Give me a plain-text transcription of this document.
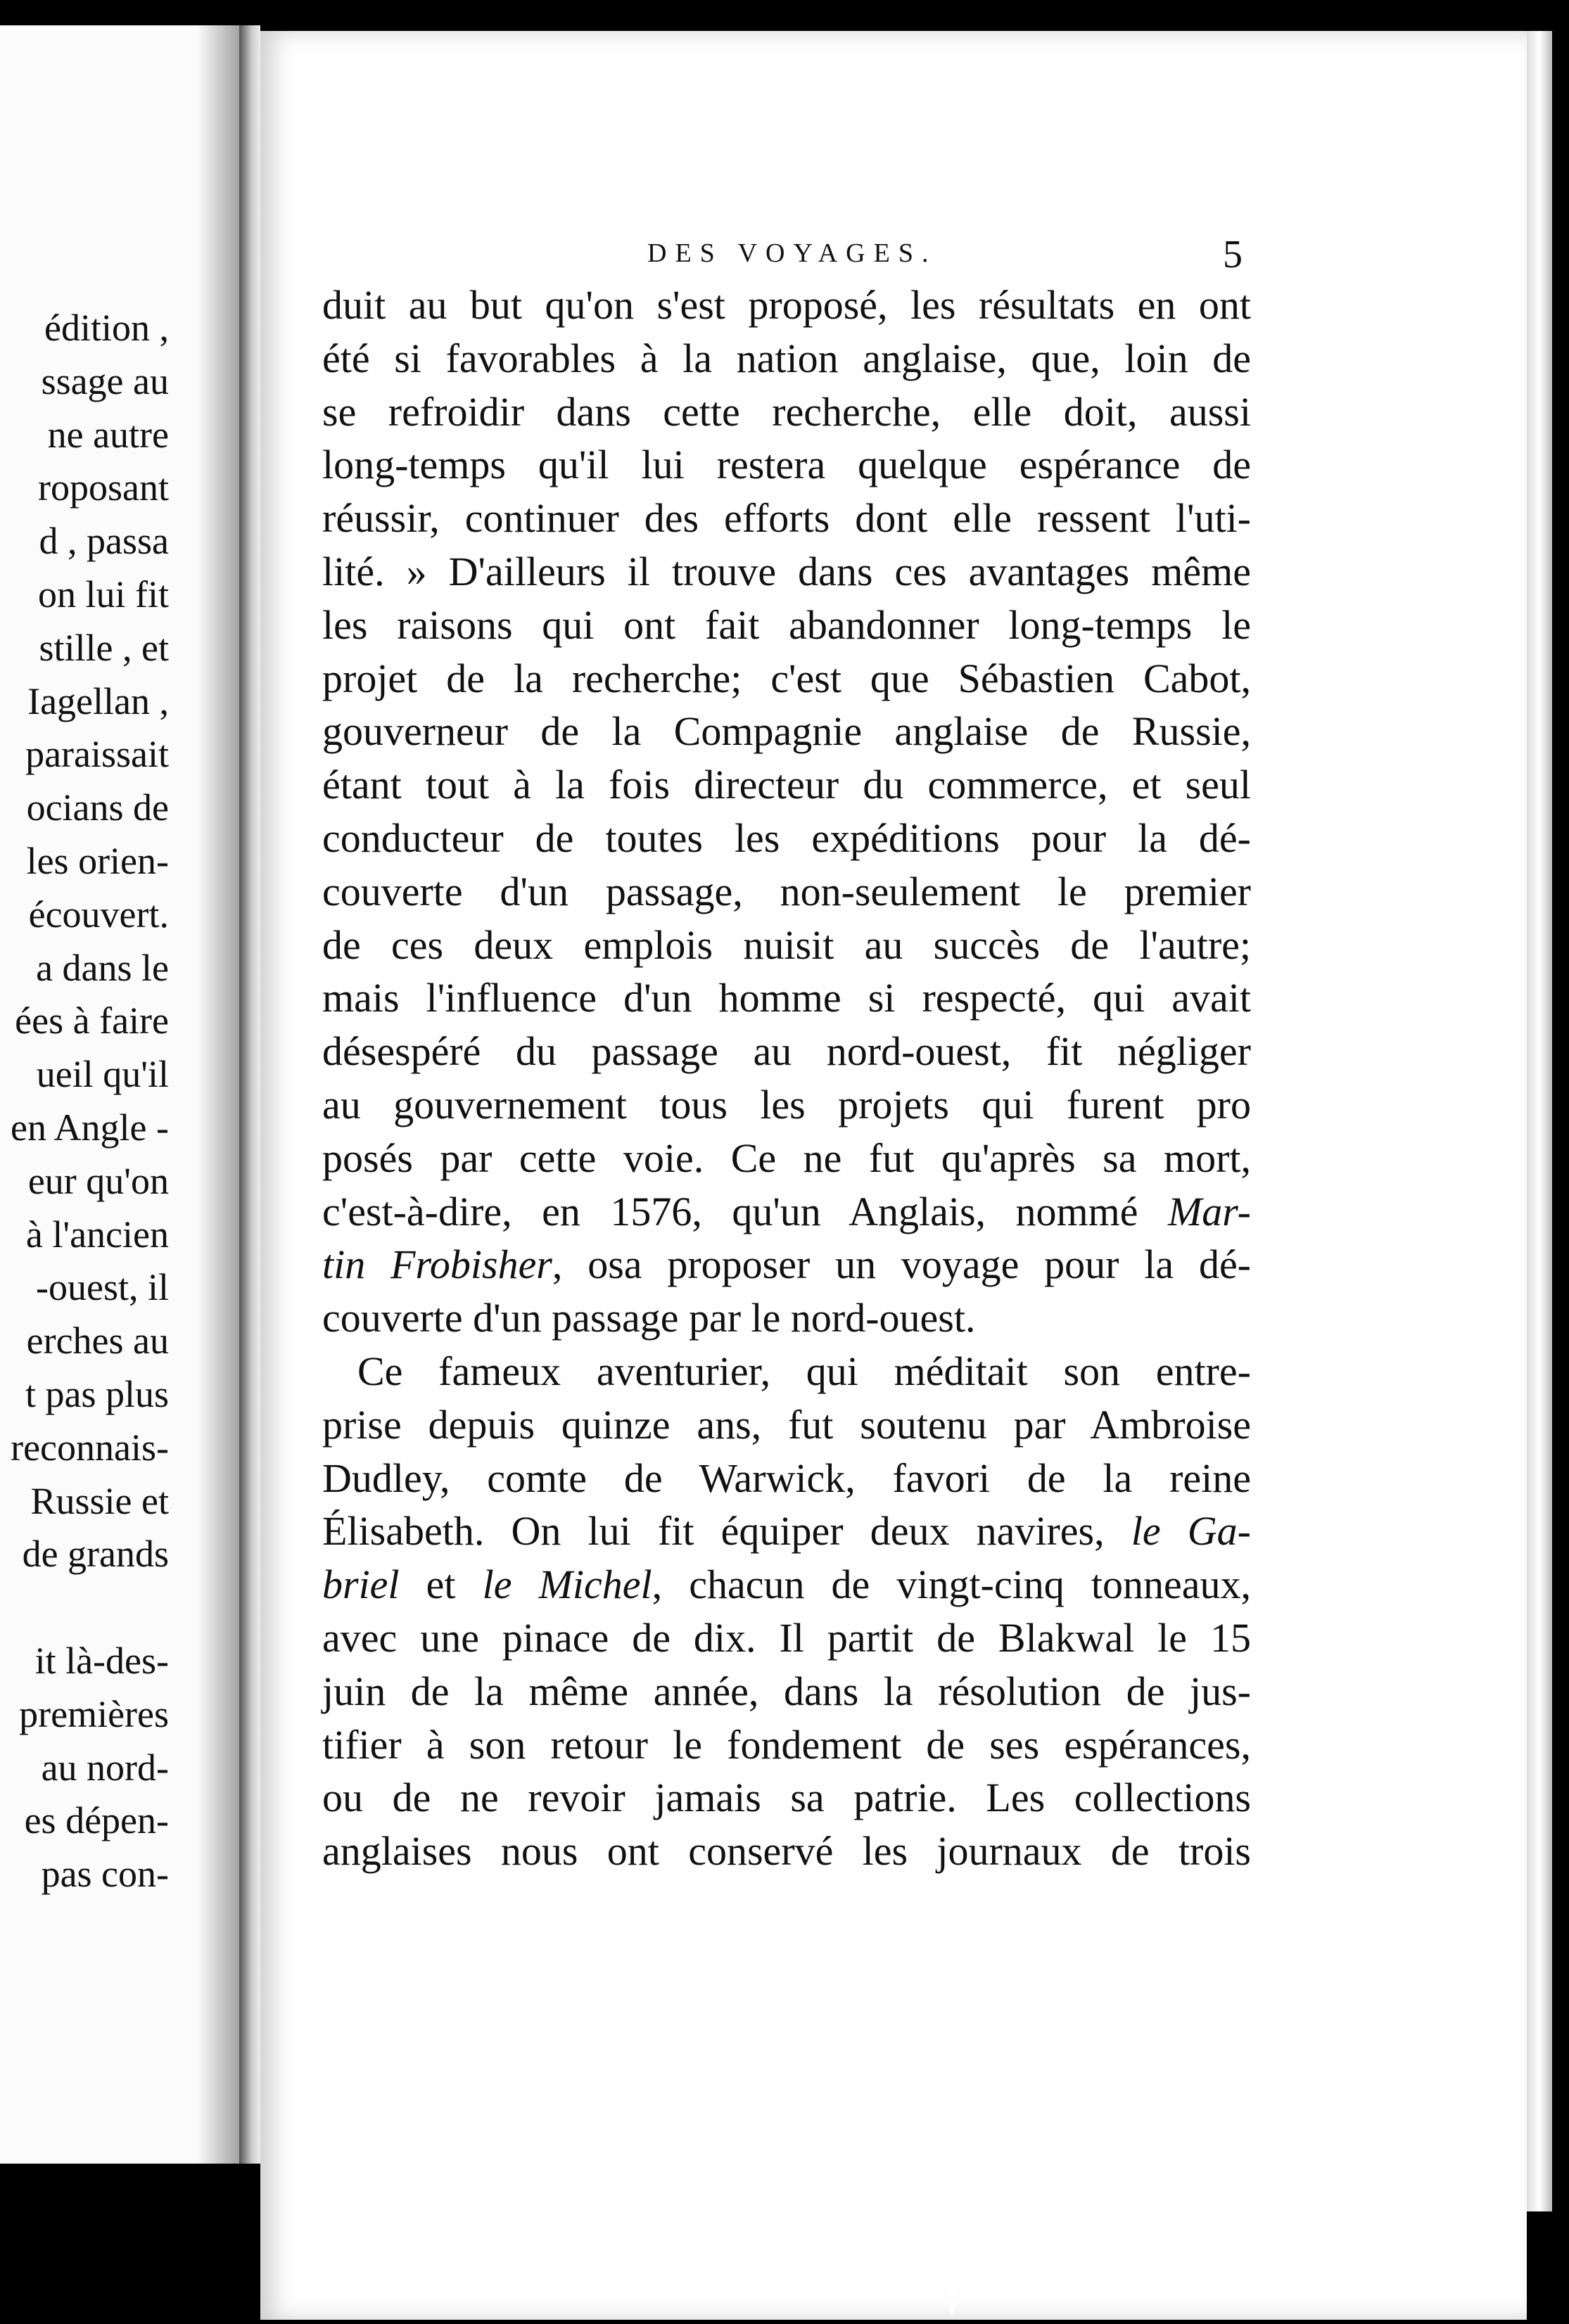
édition ,
ssage au
ne autre
roposant
d , passa
on lui fit
stille , et
Iagellan ,
paraissait
ocians de
les orien-
écouvert.
a dans le
ées à faire
ueil qu'il
en Angle -
eur qu'on
à l'ancien
-ouest, il
erches au
t pas plus
reconnais-
Russie et
de grands
it là-des-
premières
au nord-
es dépen-
pas con-
DES VOYAGES.	5
duit au but qu'on s'est proposé, les résultats en ont
été si favorables à la nation anglaise, que, loin de
se refroidir dans cette recherche, elle doit, aussi
long-temps qu'il lui restera quelque espérance de
réussir, continuer des efforts dont elle ressent l'uti-
lité. » D'ailleurs il trouve dans ces avantages même
les raisons qui ont fait abandonner long-temps le
projet de la recherche; c'est que Sébastien Cabot,
gouverneur de la Compagnie anglaise de Russie,
étant tout à la fois directeur du commerce, et seul
conducteur de toutes les expéditions pour la dé-
couverte d'un passage, non-seulement le premier
de ces deux emplois nuisit au succès de l'autre;
mais l'influence d'un homme si respecté, qui avait
désespéré du passage au nord-ouest, fit négliger
au gouvernement tous les projets qui furent pro
posés par cette voie. Ce ne fut qu'après sa mort,
c'est-à-dire, en 1576, qu'un Anglais, nommé Mar-
tin Frobisher, osa proposer un voyage pour la dé-
couverte d'un passage par le nord-ouest.
Ce fameux aventurier, qui méditait son entre-
prise depuis quinze ans, fut soutenu par Ambroise
Dudley, comte de Warwick, favori de la reine
Élisabeth. On lui fit équiper deux navires, le Ga-
briel et le Michel, chacun de vingt-cinq tonneaux,
avec une pinace de dix. Il partit de Blakwal le 15
juin de la même année, dans la résolution de jus-
tifier à son retour le fondement de ses espérances,
ou de ne revoir jamais sa patrie. Les collections
anglaises nous ont conservé les journaux de trois
